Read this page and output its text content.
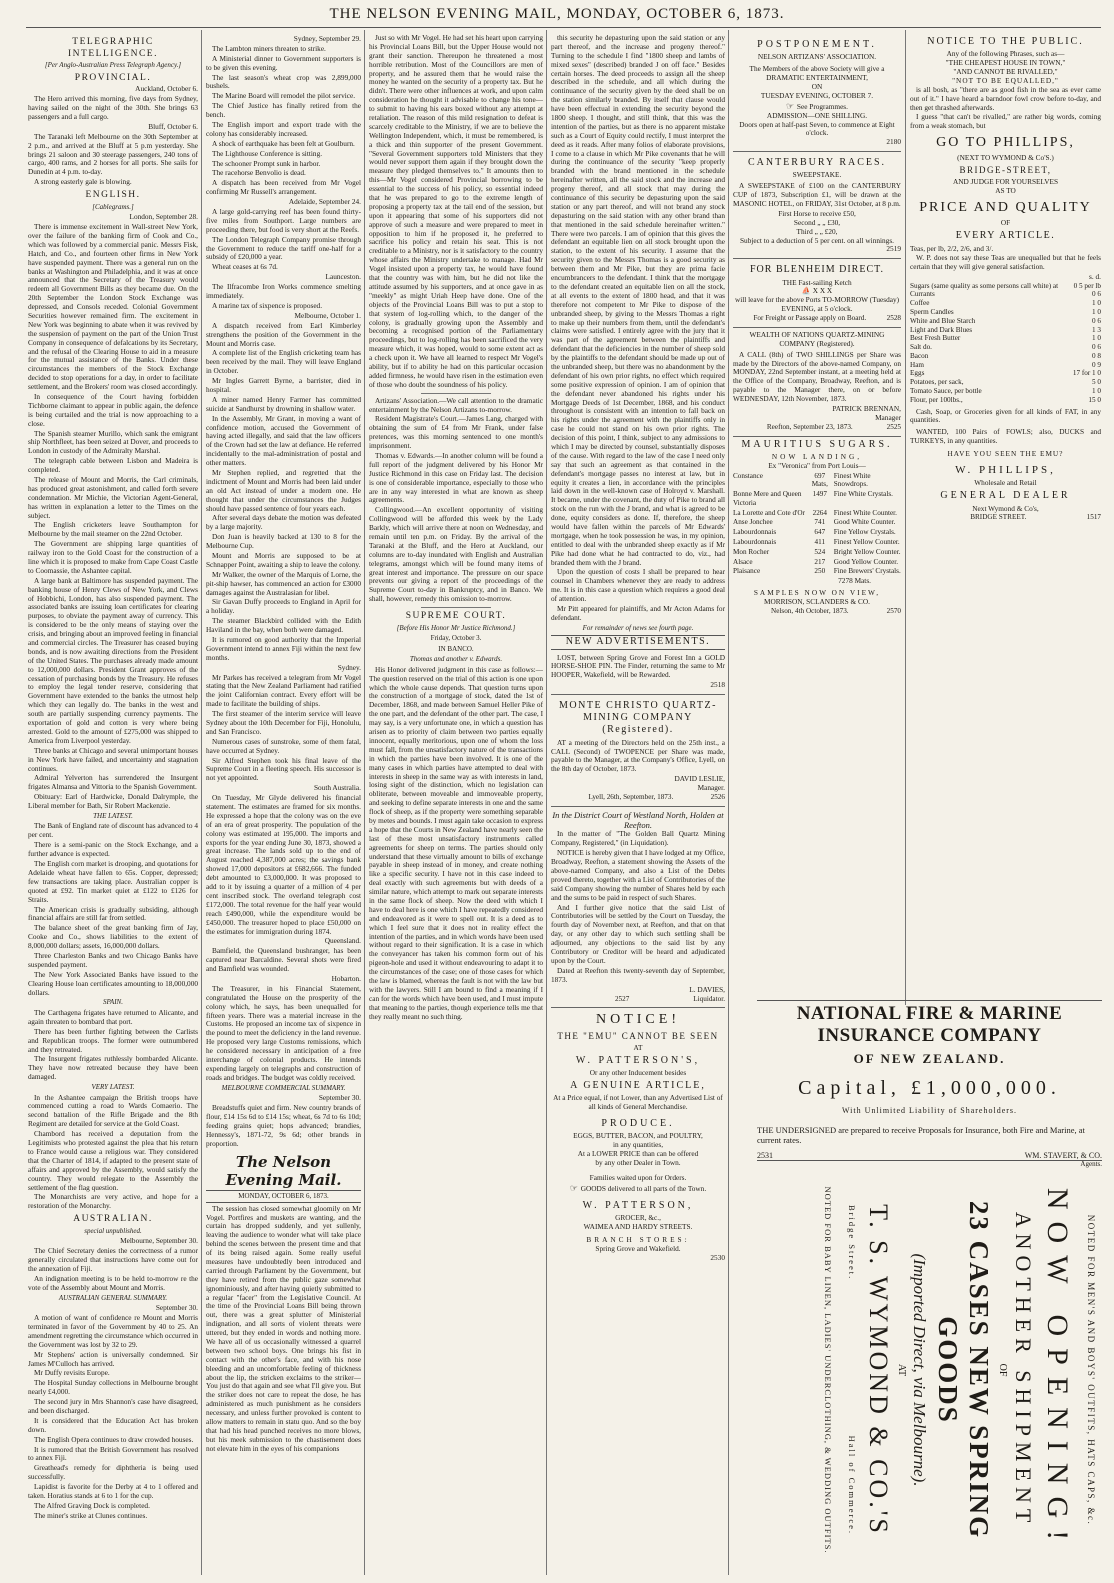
THE NELSON EVENING MAIL, MONDAY, OCTOBER 6, 1873.
TELEGRAPHIC INTELLIGENCE.
[Per Anglo-Australian Press Telegraph Agency.]
PROVINCIAL.
Auckland, October 6.

The Hero arrived this morning, five days from Sydney, having sailed on the night of the 30th. She brings 63 passengers and a full cargo.

Bluff, October 6.

The Taranaki left Melbourne on the 30th September at 2 p.m., and arrived at the Bluff at 5 p.m yesterday. She brings 21 saloon and 30 steerage passengers, 240 tons of cargo, 400 rams, and 2 horses for all ports. She sails for Dunedin at 4 p.m. to-day.

A strong easterly gale is blowing.

ENGLISH.
[Cablegrams.]
London, September 28.

There is immense excitement in Wall-street New York, over the failure of the banking firm of Cook and Co., which was followed by a commercial panic. Messrs Fisk, Hatch, and Co., and fourteen other firms in New York have suspended payment. There was a general run on the banks at Washington and Philadelphia, and it was at once announced that the Secretary of the Treasury would redeem all Government Bills as they became due. On the 20th September the London Stock Exchange was depressed, and Consols receded. Colonial Government Securities however remained firm. The excitement in New York was beginning to abate when it was revived by the suspension of payment on the part of the Union Trust Company in consequence of defalcations by its Secretary, and the refusal of the Clearing House to aid in a measure for the mutual assistance of the Banks. Under these circumstances the members of the Stock Exchange decided to stop operations for a day, in order to facilitate settlement, and the Brokers' room was closed accordingly.

In consequence of the Court having forbidden Tichborne claimant to appear in public again, the defence is being curtailed and the trial is now approaching to a close.

The Spanish steamer Murillo, which sank the emigrant ship Northfleet, has been seized at Dover, and proceeds to London in custody of the Admiralty Marshal.

The telegraph cable between Lisbon and Madeira is completed.

The release of Mount and Morris, the Carl criminals, has produced great astonishment, and called forth severe condemnation. Mr Michie, the Victorian Agent-General, has written in explanation a letter to the Times on the subject.

The English cricketers leave Southampton for Melbourne by the mail steamer on the 22nd October.

The Government are shipping large quantities of railway iron to the Gold Coast for the construction of a line which it is proposed to make from Cape Coast Castle to Coomassie, the Ashantee capital.

A large bank at Baltimore has suspended payment. The banking house of Henry Clews of New York, and Clews of Hobbichi, London, has also suspended payment. The associated banks are issuing loan certificates for clearing purposes, to obviate the payment away of currency. This is considered to be the only means of staying over the crisis, and bringing about an improved feeling in financial and commercial circles. The Treasurer has ceased buying bonds, and is now awaiting directions from the President of the United States. The purchases already made amount to 12,000,000 dollars. President Grant approves of the cessation of purchasing bonds by the Treasury. He refuses to employ the legal tender reserve, considering that Government have extended to the banks the utmost help which they can legally do. The banks in the west and south are partially suspending currency payments. The exportation of gold and cotton is very where being arrested. Gold to the amount of £275,000 was shipped to America from Liverpool yesterday.

Three banks at Chicago and several unimportant houses in New York have failed, and uncertainty and stagnation continues.

Admiral Yelverton has surrendered the Insurgent frigates Almansa and Vittoria to the Spanish Government.

Obituary: Earl of Hardwicke, Donald Dalrymple, the Liberal member for Bath, Sir Robert Mackenzie.

THE LATEST.

The Bank of England rate of discount has advanced to 4 per cent.

There is a semi-panic on the Stock Exchange, and a further advance is expected.

The English corn market is drooping, and quotations for Adelaide wheat have fallen to 65s. Copper, depressed; few transactions are taking place. Australian copper is quoted at £92. Tin market quiet at £122 to £126 for Straits.

The American crisis is gradually subsiding, although financial affairs are still far from settled.

The balance sheet of the great banking firm of Jay, Cooke and Co., shows liabilities to the extent of 8,000,000 dollars; assets, 16,000,000 dollars.

Three Charleston Banks and two Chicago Banks have suspended payment.

The New York Associated Banks have issued to the Clearing House loan certificates amounting to 18,000,000 dollars.

SPAIN.

The Carthagena frigates have returned to Alicante, and again threaten to bombard that port.

There has been further fighting between the Carlists and Republican troops. The former were outnumbered and they retreated.

The Insurgent frigates ruthlessly bombarded Alicante. They have now retreated because they have been damaged.

VERY LATEST.

In the Ashantee campaign the British troops have commenced cutting a road to Wards Comaerio. The second battalion of the Rifle Brigade and the 8th Regiment are detailed for service at the Gold Coast.

Chambord has received a deputation from the Legitimists who protested against the plea that his return to France would cause a religious war. They considered that the Charter of 1814, if adapted to the present state of affairs and approved by the Assembly, would satisfy the country. They would relegate to the Assembly the settlement of the flag question.

The Monarchists are very active, and hope for a restoration of the Monarchy.

AUSTRALIAN.
special unpublished.
Melbourne, September 30.

The Chief Secretary denies the correctness of a rumor generally circulated that instructions have come out for the annexation of Fiji.

An indignation meeting is to be held to-morrow re the vote of the Assembly about Mount and Morris.

AUSTRALIAN GENERAL SUMMARY.
September 30.

A motion of want of confidence re Mount and Morris terminated in favor of the Government by 40 to 25. An amendment regretting the circumstance which occurred in the Government was lost by 32 to 29.

Mr Stephens' action is universally condemned. Sir James M'Culloch has arrived.

Mr Duffy revisits Europe.

The Hospital Sunday collections in Melbourne brought nearly £4,000.

The second jury in Mrs Shannon's case have disagreed, and been discharged.

It is considered that the Education Act has broken down.

The English Opera continues to draw crowded houses.

It is rumored that the British Government has resolved to annex Fiji.

Greathead's remedy for diphtheria is being used successfully.

Lapidist is favorite for the Derby at 4 to 1 offered and taken. Horatius stands at 6 to 1 for the cup.

The Alfred Graving Dock is completed.

The miner's strike at Clunes continues.

Sydney, September 29.

The Lambton miners threaten to strike.

A Ministerial dinner to Government supporters is to be given this evening.

The last season's wheat crop was 2,899,000 bushels.

The Marine Board will remodel the pilot service.

The Chief Justice has finally retired from the bench.

The English import and export trade with the colony has considerably increased.

A shock of earthquake has been felt at Goulburn.

The Lighthouse Conference is sitting.

The schooner Prompt sunk in harbor.

The racehorse Benvolio is dead.

A dispatch has been received from Mr Vogel confirming Mr Russell's arrangement.

Adelaide, September 24.

A large gold-carrying reef has been found thirty-five miles from Southport. Large numbers are proceeding there, but food is very short at the Reefs.

The London Telegraph Company promise through the Government to reduce the tariff one-half for a subsidy of £20,000 a year.

Wheat ceases at 6s 7d.

Launceston.

The Ilfracombe Iron Works commence smelting immediately.

A marine tax of sixpence is proposed.

Melbourne, October 1.

A dispatch received from Earl Kimberley strengthens the position of the Government in the Mount and Morris case.

A complete list of the English cricketing team has been received by the mail. They will leave England in October.

Mr Ingles Garrett Byrne, a barrister, died in hospital.

A miner named Henry Farmer has committed suicide at Sandhurst by drowning in shallow water.

In the Assembly, Mr Grant, in moving a want of confidence motion, accused the Government of having acted illegally, and said that the law officers of the Crown had set the law at defiance. He referred incidentally to the mal-administration of postal and other matters.

Mr Stephen replied, and regretted that the indictment of Mount and Morris had been laid under an old Act instead of under a modern one. He thought that under the circumstances the Judges should have passed sentence of four years each.

After several days debate the motion was defeated by a large majority.

Don Juan is heavily backed at 130 to 8 for the Melbourne Cup.

Mount and Morris are supposed to be at Schnapper Point, awaiting a ship to leave the colony.

Mr Walker, the owner of the Marquis of Lorne, the pit-ship hawser, has commenced an action for £3000 damages against the Australasian for libel.

Sir Gavan Duffy proceeds to England in April for a holiday.

The steamer Blackbird collided with the Edith Haviland in the bay, when both were damaged.

It is rumored on good authority that the Imperial Government intend to annex Fiji within the next few months.

Sydney.

Mr Parkes has received a telegram from Mr Vogel stating that the New Zealand Parliament had ratified the joint Californian contract. Every effort will be made to facilitate the building of ships.

The first steamer of the interim service will leave Sydney about the 10th December for Fiji, Honolulu, and San Francisco.

Numerous cases of sunstroke, some of them fatal, have occurred at Sydney.

Sir Alfred Stephen took his final leave of the Supreme Court in a fleeting speech. His successor is not yet appointed.

South Australia.

On Tuesday, Mr Glyde delivered his financial statement. The estimates are framed for six months. He expressed a hope that the colony was on the eve of an era of great prosperity. The population of the colony was estimated at 195,000. The imports and exports for the year ending June 30, 1873, showed a great increase. The lands sold up to the end of August reached 4,387,000 acres; the savings bank showed 17,000 depositors at £682,666. The funded debt amounted to £3,000,000. It was proposed to add to it by issuing a quarter of a million of 4 per cent inscribed stock. The overland telegraph cost £172,000. The total revenue for the half year would reach £490,000, while the expenditure would be £450,000. The treasurer hoped to place £50,000 on the estimates for immigration during 1874.

Queensland.

Bamfield, the Queensland bushranger, has been captured near Barcaldine. Several shots were fired and Bamfield was wounded.

Hobarton.

The Treasurer, in his Financial Statement, congratulated the House on the prosperity of the colony which, he says, has been unequalled for fifteen years. There was a material increase in the Customs. He proposed an income tax of sixpence in the pound to meet the deficiency in the land revenue. He proposed very large Customs remissions, which he considered necessary in anticipation of a free interchange of colonial products. He intends expending largely on telegraphs and construction of roads and bridges. The budget was coldly received.

MELBOURNE COMMERCIAL SUMMARY.
September 30.

Breadstuffs quiet and firm. New country brands of flour, £14 15s 6d to £14 15s; wheat, 6s 7d to 6s 10d; feeding grains quiet; hops advanced; brandies, Hennessy's, 1871-72, 9s 6d; other brands in proportion.

The Nelson Evening Mail.
MONDAY, OCTOBER 6, 1873.

The session has closed somewhat gloomily on Mr Vogel. Portfires and muskets are wanting, and the curtain has dropped suddenly, and yet sullenly, leaving the audience to wonder what will take place behind the scenes between the present time and that of its being raised again. Some really useful measures have undoubtedly been introduced and carried through Parliament by the Government, but they have retired from the public gaze somewhat ignominiously, and after having quietly submitted to a regular "facer" from the Legislative Council. At the time of the Provincial Loans Bill being thrown out, there was a great splutter of Ministerial indignation, and all sorts of violent threats were uttered, but they ended in words and nothing more. We have all of us occasionally witnessed a quarrel between two school boys. One brings his fist in contact with the other's face, and with his nose bleeding and an uncomfortable feeling of thickness about the lip, the stricken exclaims to the striker—You just do that again and see what I'll give you. But the striker does not care to repeat the dose, he has administered as much punishment as he considers necessary, and unless further provoked is content to allow matters to remain in statu quo. And so the boy that had his head punched receives no more blows, but his meek submission to the chastisement does not elevate him in the eyes of his companions

Just so with Mr Vogel. He had set his heart upon carrying his Provincial Loans Bill, but the Upper House would not grant their sanction. Thereupon he threatened a most horrible retribution. Most of the Councillors are men of property, and he assured them that he would raise the money he wanted on the security of a property tax. But he didn't. There were other influences at work, and upon calm consideration he thought it advisable to change his tone—to submit to having his ears boxed without any attempt at retaliation. The reason of this mild resignation to defeat is scarcely creditable to the Ministry, if we are to believe the Wellington Independent, which, it must be remembered, is a thick and thin supporter of the present Government. "Several Government supporters told Ministers that they would never support them again if they brought down the measure they pledged themselves to." It amounts then to this—Mr Vogel considered Provincial borrowing to be essential to the success of his policy, so essential indeed that he was prepared to go to the extreme length of proposing a property tax at the tail end of the session, but upon it appearing that some of his supporters did not approve of such a measure and were prepared to meet in opposition to him if he proposed it, he preferred to sacrifice his policy and retain his seat. This is not creditable to a Ministry, nor is it satisfactory to the country whose affairs the Ministry undertake to manage. Had Mr Vogel insisted upon a property tax, he would have found that the country was with him, but he did not like the attitude assumed by his supporters, and at once gave in as "meekly" as might Uriah Heep have done. One of the objects of the Provincial Loans Bill was to put a stop to that system of log-rolling which, to the danger of the colony, is gradually growing upon the Assembly and becoming a recognised portion of the Parliamentary proceedings, but to log-rolling has been sacrificed the very measure which, it was hoped, would to some extent act as a check upon it. We have all learned to respect Mr Vogel's ability, but if to ability he had on this particular occasion added firmness, he would have risen in the estimation even of those who doubt the soundness of his policy.

Artizans' Association.—We call attention to the dramatic entertainment by the Nelson Artizans to-morrow.

Resident Magistrate's Court.—James Lang, charged with obtaining the sum of £4 from Mr Frank, under false pretences, was this morning sentenced to one month's imprisonment.

Thomas v. Edwards.—In another column will be found a full report of the judgment delivered by his Honor Mr Justice Richmond in this case on Friday last. The decision is one of considerable importance, especially to those who are in any way interested in what are known as sheep agreements.

Collingwood.—An excellent opportunity of visiting Collingwood will be afforded this week by the Lady Barkly, which will arrive there at noon on Wednesday, and remain until ten p.m. on Friday. By the arrival of the Taranaki at the Bluff, and the Hero at Auckland, our columns are to-day inundated with English and Australian telegrams, amongst which will be found many items of great interest and importance. The pressure on our space prevents our giving a report of the proceedings of the Supreme Court to-day in Bankruptcy, and in Banco. We shall, however, remedy this omission to-morrow.

SUPREME COURT.
[Before His Honor Mr Justice Richmond.]
Friday, October 3.
IN BANCO.
Thomas and another v. Edwards.

His Honor delivered judgment in this case as follows:—The question reserved on the trial of this action is one upon which the whole cause depends. That question turns upon the construction of a mortgage of stock, dated the 1st of December, 1868, and made between Samuel Heller Pike of the one part, and the defendant of the other part. The case, I may say, is a very unfortunate one, in which a question has arisen as to priority of claim between two parties equally innocent, equally meritorious, upon one of whom the loss must fall, from the unsatisfactory nature of the transactions in which the parties have been involved. It is one of the many cases in which parties have attempted to deal with interests in sheep in the same way as with interests in land, losing sight of the distinction, which no legislation can obliterate, between moveable and immoveable property, and seeking to define separate interests in one and the same flock of sheep, as if the property were something separable by metes and bounds. I must again take occasion to express a hope that the Courts in New Zealand have nearly seen the last of these most unsatisfactory instruments called agreements for sheep on terms. The parties should only understand that these virtually amount to bills of exchange payable in sheep instead of in money, and create nothing like a specific security. I have not in this case indeed to deal exactly with such agreements but with deeds of a similar nature, which attempt to mark out separate interests in the same flock of sheep. Now the deed with which I have to deal here is one which I have repeatedly considered and endeavored as it were to spell out. It is a deed as to which I feel sure that it does not in reality effect the intention of the parties, and in which words have been used without regard to their signification. It is a case in which the conveyancer has taken his common form out of his pigeon-hole and used it without endeavouring to adapt it to the circumstances of the case; one of those cases for which the law is blamed, whereas the fault is not with the law but with the lawyers. Still I am bound to find a meaning if I can for the words which have been used, and I must impute that meaning to the parties, though experience tells me that they really meant no such thing.

this security he depasturing upon the said station or any part thereof, and the increase and progeny thereof." Turning to the schedule I find "1800 sheep and lambs of mixed sexes" (described) branded J on off face." Besides certain horses. The deed proceeds to assign all the sheep described in the schedule, and all which during the continuance of the security given by the deed shall be on the station similarly branded. By itself that clause would have been effectual in extending the security beyond the 1800 sheep. I thought, and still think, that this was the intention of the parties, but as there is no apparent mistake such as a Court of Equity could rectify, I must interpret the deed as it reads. After many folios of elaborate provisions, I come to a clause in which Mr Pike covenants that he will during the continuance of the security "keep properly branded with the brand mentioned in the schedule hereinafter written, all the said stock and the increase and progeny thereof, and all stock that may during the continuance of this security be depasturing upon the said station or any part thereof, and will not brand any stock depasturing on the said station with any other brand than that mentioned in the said schedule hereinafter written." There were two parcels. I am of opinion that this gives the defendant an equitable lien on all stock brought upon the station, to the extent of his security. I assume that the security given to the Messrs Thomas is a good security as between them and Mr Pike, but they are prima facie encumbrancers to the defendant. I think that the mortgage to the defendant created an equitable lien on all the stock, at all events to the extent of 1800 head, and that it was therefore not competent to Mr Pike to dispose of the unbranded sheep, by giving to the Messrs Thomas a right to make up their numbers from them, until the defendant's claims were satisfied. I entirely agree with the jury that it was part of the agreement between the plaintiffs and defendant that the deficiencies in the number of sheep sold by the plaintiffs to the defendant should be made up out of the unbranded sheep, but there was no abandonment by the defendant of his own prior rights, no effect which required some positive expression of opinion. I am of opinion that the defendant never abandoned his rights under his Mortgage Deeds of 1st December, 1868, and his conduct throughout is consistent with an intention to fall back on his rights under the agreement with the plaintiffs only in case he could not stand on his own prior rights. The decision of this point, I think, subject to any admissions to which I may be directed by counsel, substantially disposes of the cause. With regard to the law of the case I need only say that such an agreement as that contained in the defendant's mortgage passes no interest at law, but in equity it creates a lien, in accordance with the principles laid down in the well-known case of Holroyd v. Marshall. It became, under the covenant, the duty of Pike to brand all stock on the run with the J brand, and what is agreed to be done, equity considers as done. If, therefore, the sheep would have fallen within the parcels of Mr Edwards' mortgage, when he took possession he was, in my opinion, entitled to deal with the unbranded sheep exactly as if Mr Pike had done what he had contracted to do, viz., had branded them with the J brand.

Upon the question of costs I shall be prepared to hear counsel in Chambers whenever they are ready to address me. It is in this case a question which requires a good deal of attention.

Mr Pitt appeared for plaintiffs, and Mr Acton Adams for defendant.

For remainder of news see fourth page.
NEW ADVERTISEMENTS.

LOST, between Spring Grove and Forest Inn a GOLD HORSE-SHOE PIN. The Finder, returning the same to Mr HOOPER, Wakefield, will be Rewarded.

2518
MONTE CHRISTO QUARTZ-MINING COMPANY (Registered).

AT a meeting of the Directors held on the 25th inst., a CALL (Second) of TWOPENCE per Share was made, payable to the Manager, at the Company's Office, Lyell, on the 8th day of October, 1873.

DAVID LESLIE,
Manager.
Lyell, 26th, September, 1873.	2526
In the District Court of Westland North, Holden at Reefton.

In the matter of "The Golden Ball Quartz Mining Company, Registered," (in Liquidation).

NOTICE is hereby given that I have lodged at my Office, Broadway, Reefton, a statement showing the Assets of the above-named Company, and also a List of the Debts proved thereto, together with a List of Contributories of the said Company showing the number of Shares held by each and the sums to be paid in respect of such Shares.

And I further give notice that the said List of Contributories will be settled by the Court on Tuesday, the fourth day of November next, at Reefton, and that on that day, or any other day to which such settling shall be adjourned, any objections to the said list by any Contributory or Creditor will be heard and adjudicated upon by the Court.

Dated at Reefton this twenty-seventh day of September, 1873.

L. DAVIES,
2527	Liquidator.
NOTICE!
THE "EMU" CANNOT BE SEEN
AT
W. PATTERSON'S,
Or any other Inducement besides
A GENUINE ARTICLE,
At a Price equal, if not Lower, than any Advertised List of all kinds of General Merchandise.
PRODUCE.
EGGS, BUTTER, BACON, and POULTRY,
in any quantities,
At a LOWER PRICE than can be offered
by any other Dealer in Town.
Families waited upon for Orders.
☞ GOODS delivered to all parts of the Town.
W. PATTERSON,
GROCER, &c.,
WAIMEA AND HARDY STREETS.
BRANCH STORES:
Spring Grove and Wakefield.
2530
POSTPONEMENT.
NELSON ARTIZANS' ASSOCIATION.
The Members of the above Society will give a DRAMATIC ENTERTAINMENT,
ON
TUESDAY EVENING, OCTOBER 7.
☞ See Programmes.
ADMISSION—ONE SHILLING.
Doors open at half-past Seven, to commence at Eight o'clock.
2180
CANTERBURY RACES.
SWEEPSTAKE.

A SWEEPSTAKE of £100 on the CANTERBURY CUP of 1873, Subscription £1, will be drawn at the MASONIC HOTEL, on FRIDAY, 31st October, at 8 p.m.

First Horse to receive £50,
Second „ „ £30,
Third „ „ £20,
Subject to a deduction of 5 per cent. on all winnings.
2519
FOR BLENHEIM DIRECT.
THE Fast-sailing Ketch
⛵ X X X
will leave for the above Ports TO-MORROW (Tuesday) EVENING, at 5 o'clock.
For Freight or Passage apply on Board.	2528
WEALTH OF NATIONS QUARTZ-MINING COMPANY (Registered).

A CALL (8th) of TWO SHILLINGS per Share was made by the Directors of the above-named Company, on MONDAY, 22nd September instant, at a meeting held at the Office of the Company, Broadway, Reefton, and is payable to the Manager there, on or before WEDNESDAY, 12th November, 1873.

PATRICK BRENNAN,
Manager
Reefton, September 23, 1873.	2525
MAURITIUS SUGARS.
NOW LANDING,
Ex "Veronica" from Port Louis—
Constance	697 Mats,
Finest White Snowdrops.
Bonne Mere and Queen Victoria
1497 Fine White Crystals.
La Lorette and Cote d'Or	2264 Finest White Counter.
Anse Jonchee	741	Good White Counter.
Labourdonnais	647	Fine Yellow Crystals.
Labourdonnais	411	Finest Yellow Counter.
Mon Rocher	524	Bright Yellow Counter.
Alsace	217	Good Yellow Counter.
Plaisance	250	Fine Brewers' Crystals.
7278 Mats.
SAMPLES NOW ON VIEW,
MORRISON, SCLANDERS & CO.
Nelson, 4th October, 1873.	2570
NOTICE TO THE PUBLIC.
Any of the following Phrases, such as—
"THE CHEAPEST HOUSE IN TOWN,"
"AND CANNOT BE RIVALLED,"
"NOT TO BE EQUALLED,"

is all bosh, as "there are as good fish in the sea as ever came out of it." I have heard a barndoor fowl crow before to-day, and then get thrashed afterwards.

I guess "that can't be rivalled," are rather big words, coming from a weak stomach, but

GO TO PHILLIPS,
(NEXT TO WYMOND & Co'S.)
BRIDGE-STREET,
AND JUDGE FOR YOURSELVES
AS TO
PRICE AND QUALITY
OF
EVERY ARTICLE.
Teas, per lb, 2/2, 2/6, and 3/.

W. P. does not say these Teas are unequalled but that he feels certain that they will give general satisfaction.

s. d.
Sugars (same quality as some persons call white) at	0 5 per lb
Currants	0 6
Coffee	1 0
Sperm Candles	1 0
White and Blue Starch	0 6
Light and Dark Blues	1 3
Best Fresh Butter	1 0
Salt do.	0 6
Bacon	0 8
Ham	0 9
Eggs	17 for 1 0
Potatoes, per sack,	5 0
Tomato Sauce, per bottle	1 0
Flour, per 100lbs.,	15 0

Cash, Soap, or Groceries given for all kinds of FAT, in any quantities.

WANTED, 100 Pairs of FOWLS; also, DUCKS and TURKEYS, in any quantities.

HAVE YOU SEEN THE EMU?
W. PHILLIPS,
Wholesale and Retail
GENERAL DEALER
Next Wymond & Co's,
BRIDGE STREET.	1517
NATIONAL FIRE & MARINE INSURANCE COMPANY
OF NEW ZEALAND.
Capital, £1,000,000.
With Unlimited Liability of Shareholders.
THE UNDERSIGNED are prepared to receive Proposals for Insurance, both Fire and Marine, at current rates.
2531	WM. STAVERT, & CO.
Agents.
NOTED FOR MEN'S AND BOYS' OUTFITS, HATS CAPS, &c.
NOW OPENING!
ANOTHER SHIPMENT
OF
23 CASES NEW SPRING GOODS
(Imported Direct, via Melbourne).
AT
T. S. WYMOND & CO.'S
Bridge Street.
Hall of Commerce.
NOTED FOR BABY LINEN, LADIES' UNDERCLOTHING, & WEDDING OUTFITS.
